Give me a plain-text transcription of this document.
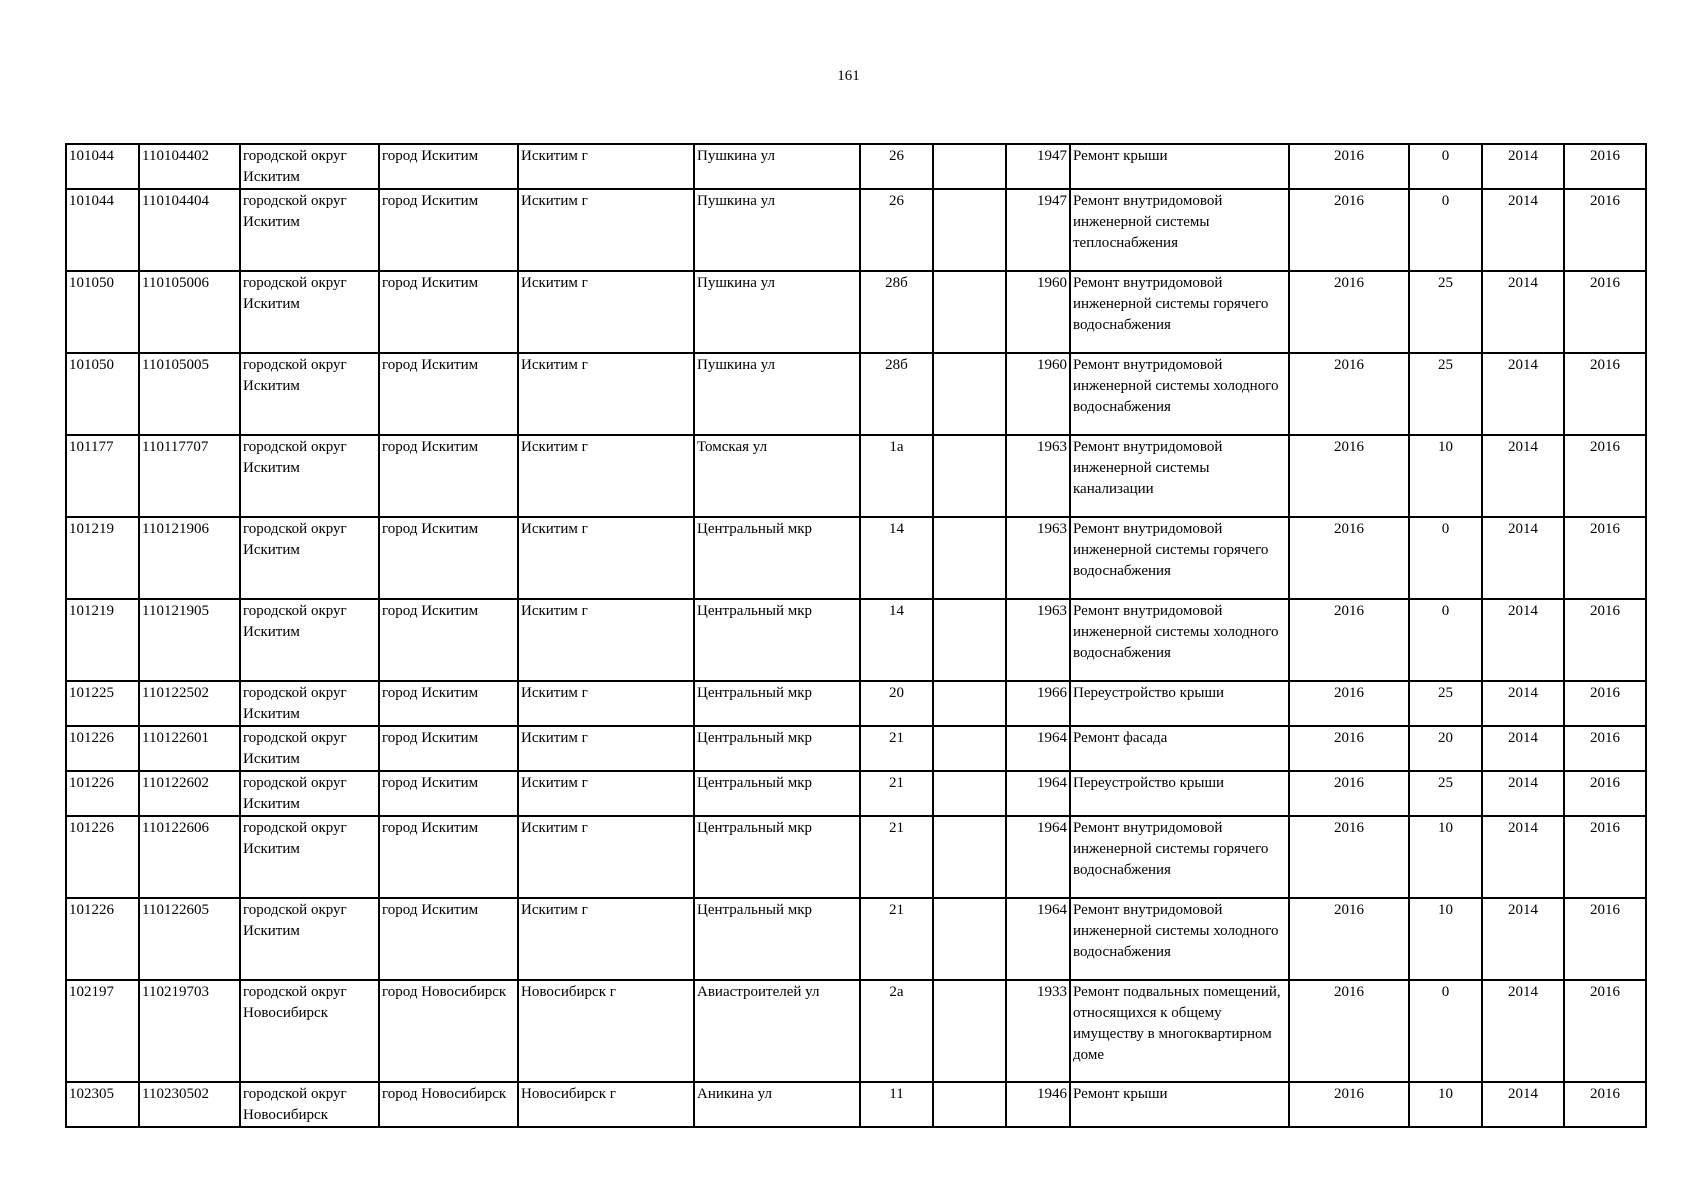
161
101044	110104402	городской округ Искитим	город Искитим	Искитим г	Пушкина ул	26		1947	Ремонт крыши	2016	0	2014	2016
101044	110104404	городской округ Искитим	город Искитим	Искитим г	Пушкина ул	26		1947	Ремонт внутридомовой инженерной системы теплоснабжения	2016	0	2014	2016
101050	110105006	городской округ Искитим	город Искитим	Искитим г	Пушкина ул	28б		1960	Ремонт внутридомовой инженерной системы горячего водоснабжения	2016	25	2014	2016
101050	110105005	городской округ Искитим	город Искитим	Искитим г	Пушкина ул	28б		1960	Ремонт внутридомовой инженерной системы холодного водоснабжения	2016	25	2014	2016
101177	110117707	городской округ Искитим	город Искитим	Искитим г	Томская ул	1а		1963	Ремонт внутридомовой инженерной системы канализации	2016	10	2014	2016
101219	110121906	городской округ Искитим	город Искитим	Искитим г	Центральный мкр	14		1963	Ремонт внутридомовой инженерной системы горячего водоснабжения	2016	0	2014	2016
101219	110121905	городской округ Искитим	город Искитим	Искитим г	Центральный мкр	14		1963	Ремонт внутридомовой инженерной системы холодного водоснабжения	2016	0	2014	2016
101225	110122502	городской округ Искитим	город Искитим	Искитим г	Центральный мкр	20		1966	Переустройство крыши	2016	25	2014	2016
101226	110122601	городской округ Искитим	город Искитим	Искитим г	Центральный мкр	21		1964	Ремонт фасада	2016	20	2014	2016
101226	110122602	городской округ Искитим	город Искитим	Искитим г	Центральный мкр	21		1964	Переустройство крыши	2016	25	2014	2016
101226	110122606	городской округ Искитим	город Искитим	Искитим г	Центральный мкр	21		1964	Ремонт внутридомовой инженерной системы горячего водоснабжения	2016	10	2014	2016
101226	110122605	городской округ Искитим	город Искитим	Искитим г	Центральный мкр	21		1964	Ремонт внутридомовой инженерной системы холодного водоснабжения	2016	10	2014	2016
102197	110219703	городской округ Новосибирск	город Новосибирск	Новосибирск г	Авиастроителей ул	2а		1933	Ремонт подвальных помещений, относящихся к общему имуществу в многоквартирном доме	2016	0	2014	2016
102305	110230502	городской округ Новосибирск	город Новосибирск	Новосибирск г	Аникина ул	11		1946	Ремонт крыши	2016	10	2014	2016
